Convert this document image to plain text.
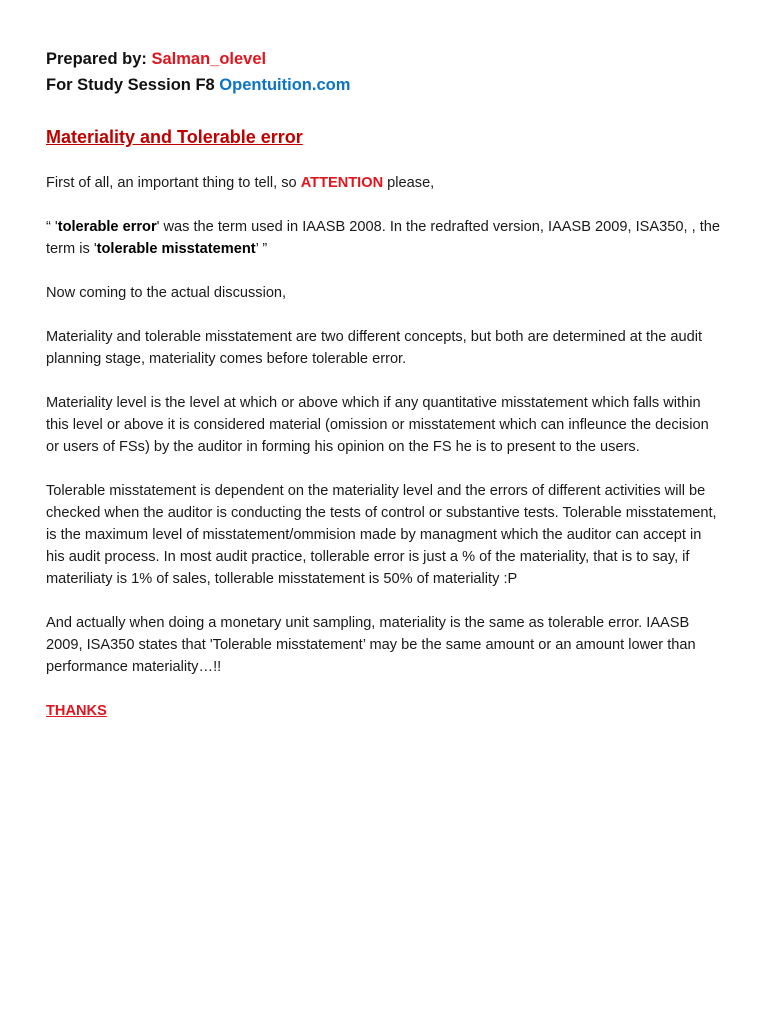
Prepared by: Salman_olevel
For Study Session F8 Opentuition.com
Materiality and Tolerable error

First of all, an important thing to tell, so ATTENTION please,

“ 'tolerable error' was the term used in IAASB 2008. In the redrafted version, IAASB 2009, ISA350, , the term is 'tolerable misstatement’ ”

Now coming to the actual discussion,

Materiality and tolerable misstatement are two different concepts, but both are determined at the audit planning stage, materiality comes before tolerable error.

Materiality level is the level at which or above which if any quantitative misstatement which falls within this level or above it is considered material (omission or misstatement which can infleunce the decision or users of FSs) by the auditor in forming his opinion on the FS he is to present to the users.

Tolerable misstatement is dependent on the materiality level and the errors of different activities will be checked when the auditor is conducting the tests of control or substantive tests. Tolerable misstatement, is the maximum level of misstatement/ommision made by managment which the auditor can accept in his audit process. In most audit practice, tollerable error is just a % of the materiality, that is to say, if materiliaty is 1% of sales, tollerable misstatement is 50% of materiality :P

And actually when doing a monetary unit sampling, materiality is the same as tolerable error. IAASB 2009, ISA350 states that 'Tolerable misstatement’ may be the same amount or an amount lower than performance materiality…!!

THANKS
